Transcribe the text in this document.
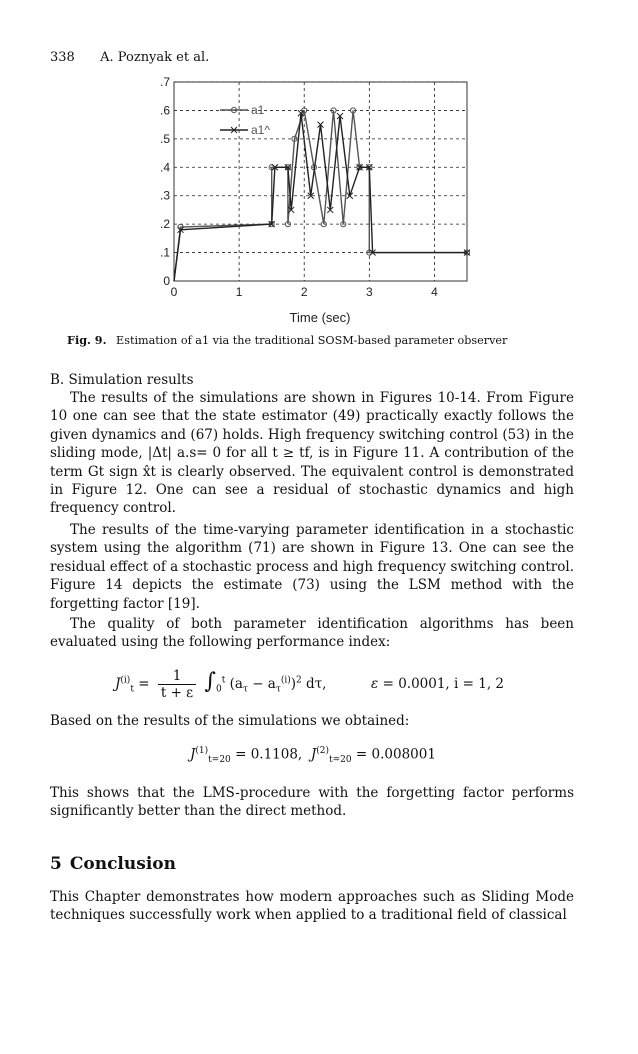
338 A. Poznyak et al.
0	1	2	3	4
0
.1
.2
.3
.4
.5
.6
.7
a1
a1^
Time (sec)
Fig. 9. Estimation of a1 via the traditional SOSM-based parameter observer
B. Simulation results

The results of the simulations are shown in Figures 10-14. From Figure 10 one can see that the state estimator (49) practically exactly follows the given dynamics and (67) holds. High frequency switching control (53) in the sliding mode, |Δt| a.s= 0 for all t ≥ tf, is in Figure 11. A contribution of the term Gt sign x̂t is clearly observed. The equivalent control is demonstrated in Figure 12. One can see a residual of stochastic dynamics and high frequency control.

The results of the time-varying parameter identification in a stochastic system using the algorithm (71) are shown in Figure 13. One can see the residual effect of a stochastic process and high frequency switching control. Figure 14 depicts the estimate (73) using the LSM method with the forgetting factor [19].

The quality of both parameter identification algorithms has been evaluated using the following performance index:

$J^{(i)}_t = \frac{1}{t + \varepsilon} \int_0^t$ $(a_\tau - a_\tau^{(i)})^2$ dτ,	ε = 0.0001, i = 1, 2

Based on the results of the simulations we obtained:

$J^{(1)}_{t=20} = 0.1108$, $J^{(2)}_{t=20} = 0.008001$

This shows that the LMS-procedure with the forgetting factor performs significantly better than the direct method.

5 Conclusion

This Chapter demonstrates how modern approaches such as Sliding Mode techniques successfully work when applied to a traditional field of classical
